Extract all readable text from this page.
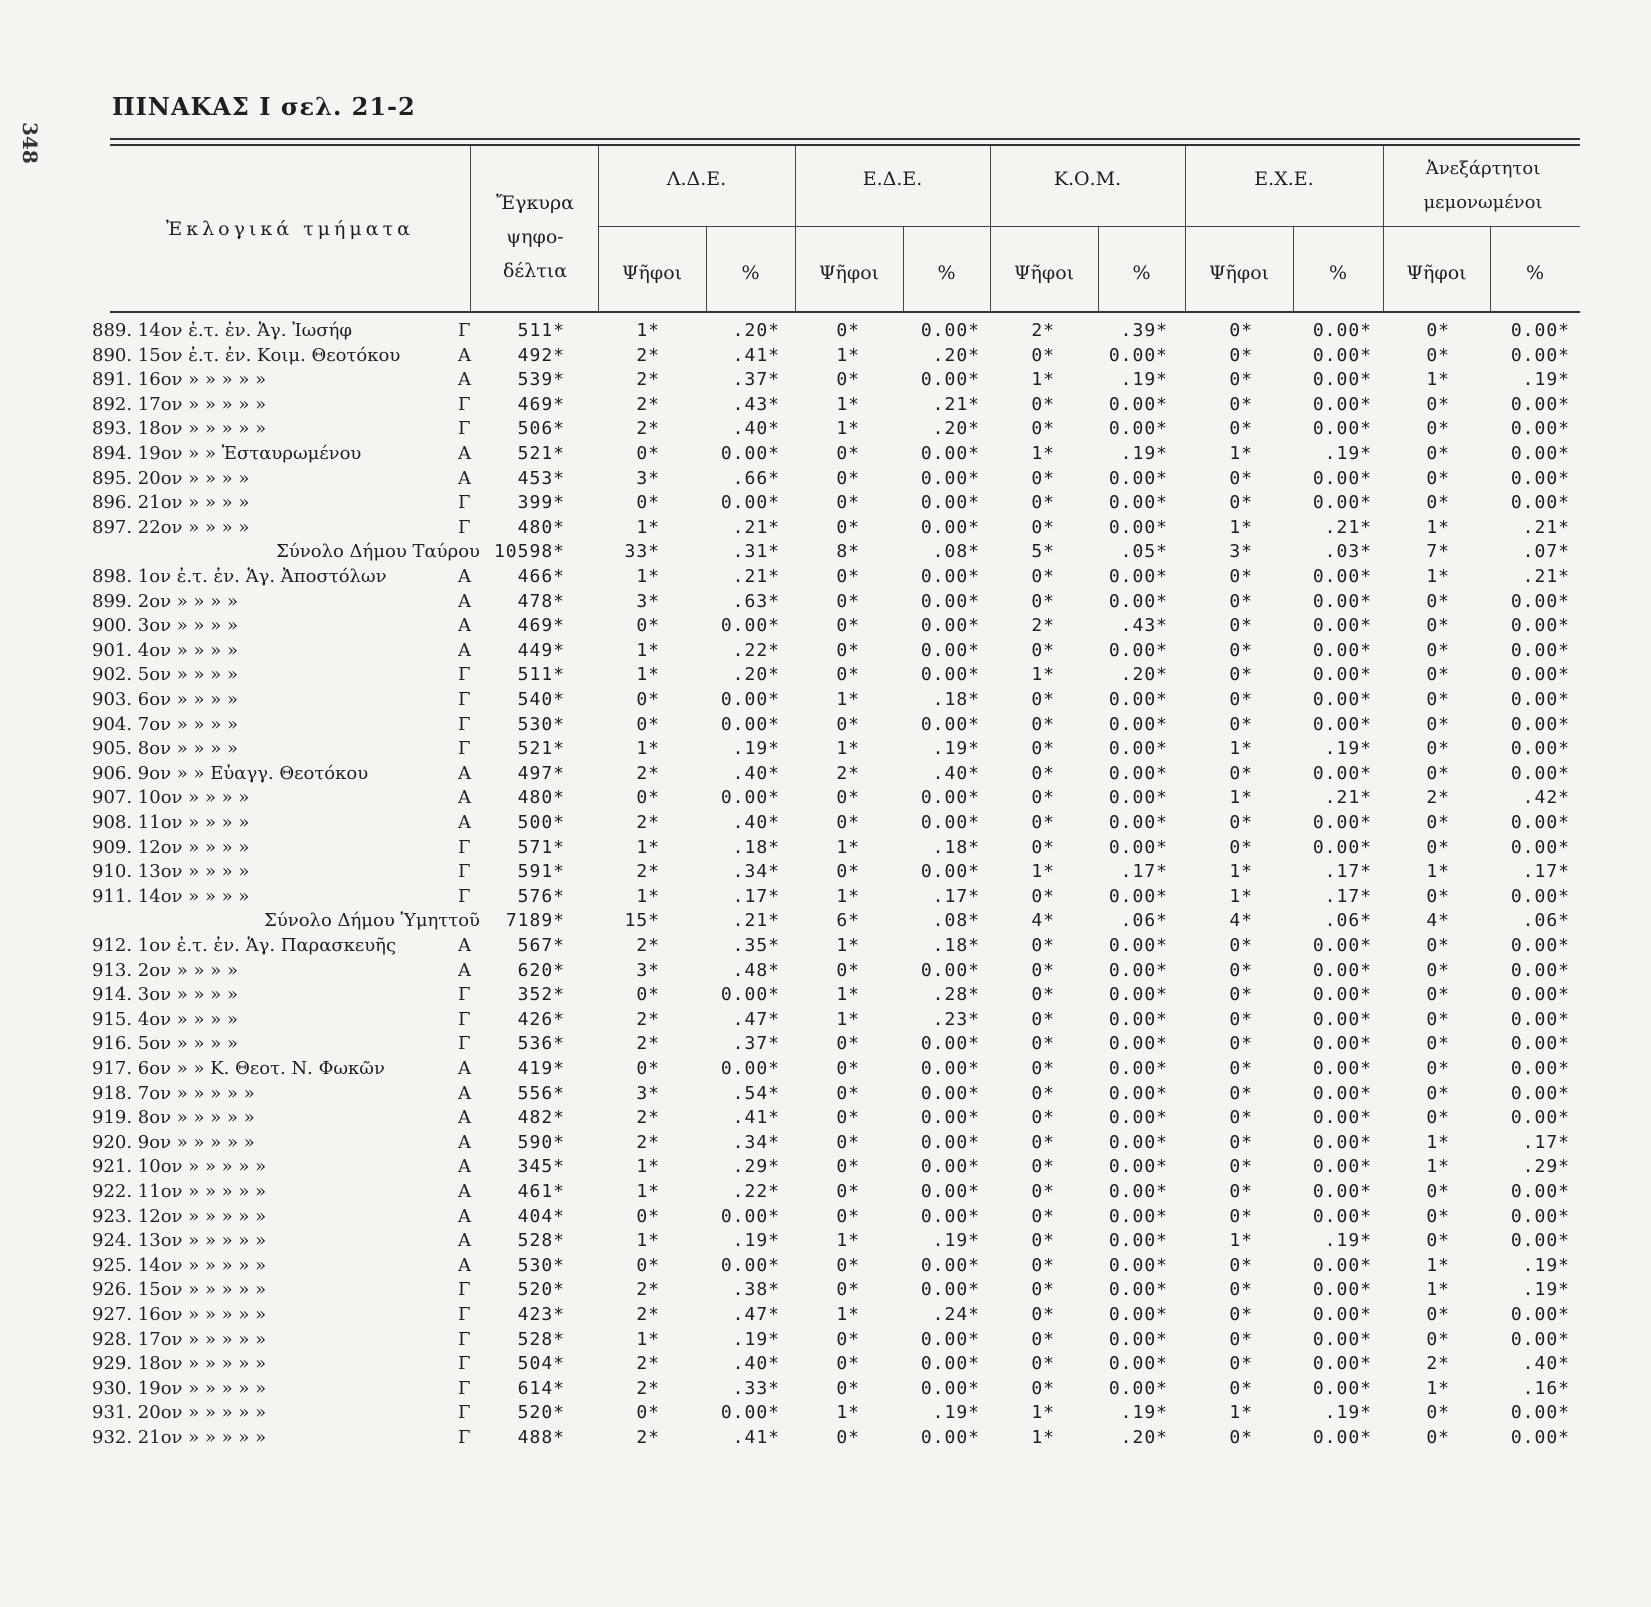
348
ΠΙΝΑΚΑΣ Ι σελ. 21-2
Ἐκλογικά τμήματα
Ἔγκυρα ψηφο-δέλτια
Λ.Δ.Ε.	Ε.Δ.Ε.	Κ.Ο.Μ.	Ε.Χ.Ε.	Ἀνεξάρτητοι μεμονωμένοι
Ψῆφοι	%	Ψῆφοι	%	Ψῆφοι	%	Ψῆφοι	%	Ψῆφοι	%
889. 14ον ἐ.τ. ἐν. Ἁγ. Ἰωσήφ	Γ	511*	1*	.20*	0*	0.00*	2*	.39*	0*	0.00*	0*	0.00*
890. 15ον ἐ.τ. ἐν. Κοιμ. Θεοτόκου	Α	492*	2*	.41*	1*	.20*	0*	0.00*	0*	0.00*	0*	0.00*
891. 16ον » » » » »	Α	539*	2*	.37*	0*	0.00*	1*	.19*	0*	0.00*	1*	.19*
892. 17ον » » » » »	Γ	469*	2*	.43*	1*	.21*	0*	0.00*	0*	0.00*	0*	0.00*
893. 18ον » » » » »	Γ	506*	2*	.40*	1*	.20*	0*	0.00*	0*	0.00*	0*	0.00*
894. 19ον » » Ἐσταυρωμένου	Α	521*	0*	0.00*	0*	0.00*	1*	.19*	1*	.19*	0*	0.00*
895. 20ον » » » »	Α	453*	3*	.66*	0*	0.00*	0*	0.00*	0*	0.00*	0*	0.00*
896. 21ον » » » »	Γ	399*	0*	0.00*	0*	0.00*	0*	0.00*	0*	0.00*	0*	0.00*
897. 22ον » » » »	Γ	480*	1*	.21*	0*	0.00*	0*	0.00*	1*	.21*	1*	.21*
Σύνολο Δήμου Ταύρου 10598*	33*	.31*	8*	.08*	5*	.05*	3*	.03*	7*	.07*
898. 1ον ἐ.τ. ἐν. Ἁγ. Ἀποστόλων	Α	466*	1*	.21*	0*	0.00*	0*	0.00*	0*	0.00*	1*	.21*
899. 2ον » » » »	Α	478*	3*	.63*	0*	0.00*	0*	0.00*	0*	0.00*	0*	0.00*
900. 3ον » » » »	Α	469*	0*	0.00*	0*	0.00*	2*	.43*	0*	0.00*	0*	0.00*
901. 4ον » » » »	Α	449*	1*	.22*	0*	0.00*	0*	0.00*	0*	0.00*	0*	0.00*
902. 5ον » » » »	Γ	511*	1*	.20*	0*	0.00*	1*	.20*	0*	0.00*	0*	0.00*
903. 6ον » » » »	Γ	540*	0*	0.00*	1*	.18*	0*	0.00*	0*	0.00*	0*	0.00*
904. 7ον » » » »	Γ	530*	0*	0.00*	0*	0.00*	0*	0.00*	0*	0.00*	0*	0.00*
905. 8ον » » » »	Γ	521*	1*	.19*	1*	.19*	0*	0.00*	1*	.19*	0*	0.00*
906. 9ον » » Εὐαγγ. Θεοτόκου	Α	497*	2*	.40*	2*	.40*	0*	0.00*	0*	0.00*	0*	0.00*
907. 10ον » » » »	Α	480*	0*	0.00*	0*	0.00*	0*	0.00*	1*	.21*	2*	.42*
908. 11ον » » » »	Α	500*	2*	.40*	0*	0.00*	0*	0.00*	0*	0.00*	0*	0.00*
909. 12ον » » » »	Γ	571*	1*	.18*	1*	.18*	0*	0.00*	0*	0.00*	0*	0.00*
910. 13ον » » » »	Γ	591*	2*	.34*	0*	0.00*	1*	.17*	1*	.17*	1*	.17*
911. 14ον » » » »	Γ	576*	1*	.17*	1*	.17*	0*	0.00*	1*	.17*	0*	0.00*
Σύνολο Δήμου Ὑμηττοῦ 7189*	15*	.21*	6*	.08*	4*	.06*	4*	.06*	4*	.06*
912. 1ον ἐ.τ. ἐν. Ἁγ. Παρασκευῆς	Α	567*	2*	.35*	1*	.18*	0*	0.00*	0*	0.00*	0*	0.00*
913. 2ον » » » »	Α	620*	3*	.48*	0*	0.00*	0*	0.00*	0*	0.00*	0*	0.00*
914. 3ον » » » »	Γ	352*	0*	0.00*	1*	.28*	0*	0.00*	0*	0.00*	0*	0.00*
915. 4ον » » » »	Γ	426*	2*	.47*	1*	.23*	0*	0.00*	0*	0.00*	0*	0.00*
916. 5ον » » » »	Γ	536*	2*	.37*	0*	0.00*	0*	0.00*	0*	0.00*	0*	0.00*
917. 6ον » » Κ. Θεοτ. Ν. Φωκῶν	Α	419*	0*	0.00*	0*	0.00*	0*	0.00*	0*	0.00*	0*	0.00*
918. 7ον » » » » »	Α	556*	3*	.54*	0*	0.00*	0*	0.00*	0*	0.00*	0*	0.00*
919. 8ον » » » » »	Α	482*	2*	.41*	0*	0.00*	0*	0.00*	0*	0.00*	0*	0.00*
920. 9ον » » » » »	Α	590*	2*	.34*	0*	0.00*	0*	0.00*	0*	0.00*	1*	.17*
921. 10ον » » » » »	Α	345*	1*	.29*	0*	0.00*	0*	0.00*	0*	0.00*	1*	.29*
922. 11ον » » » » »	Α	461*	1*	.22*	0*	0.00*	0*	0.00*	0*	0.00*	0*	0.00*
923. 12ον » » » » »	Α	404*	0*	0.00*	0*	0.00*	0*	0.00*	0*	0.00*	0*	0.00*
924. 13ον » » » » »	Α	528*	1*	.19*	1*	.19*	0*	0.00*	1*	.19*	0*	0.00*
925. 14ον » » » » »	Α	530*	0*	0.00*	0*	0.00*	0*	0.00*	0*	0.00*	1*	.19*
926. 15ον » » » » »	Γ	520*	2*	.38*	0*	0.00*	0*	0.00*	0*	0.00*	1*	.19*
927. 16ον » » » » »	Γ	423*	2*	.47*	1*	.24*	0*	0.00*	0*	0.00*	0*	0.00*
928. 17ον » » » » »	Γ	528*	1*	.19*	0*	0.00*	0*	0.00*	0*	0.00*	0*	0.00*
929. 18ον » » » » »	Γ	504*	2*	.40*	0*	0.00*	0*	0.00*	0*	0.00*	2*	.40*
930. 19ον » » » » »	Γ	614*	2*	.33*	0*	0.00*	0*	0.00*	0*	0.00*	1*	.16*
931. 20ον » » » » »	Γ	520*	0*	0.00*	1*	.19*	1*	.19*	1*	.19*	0*	0.00*
932. 21ον » » » » »	Γ	488*	2*	.41*	0*	0.00*	1*	.20*	0*	0.00*	0*	0.00*
